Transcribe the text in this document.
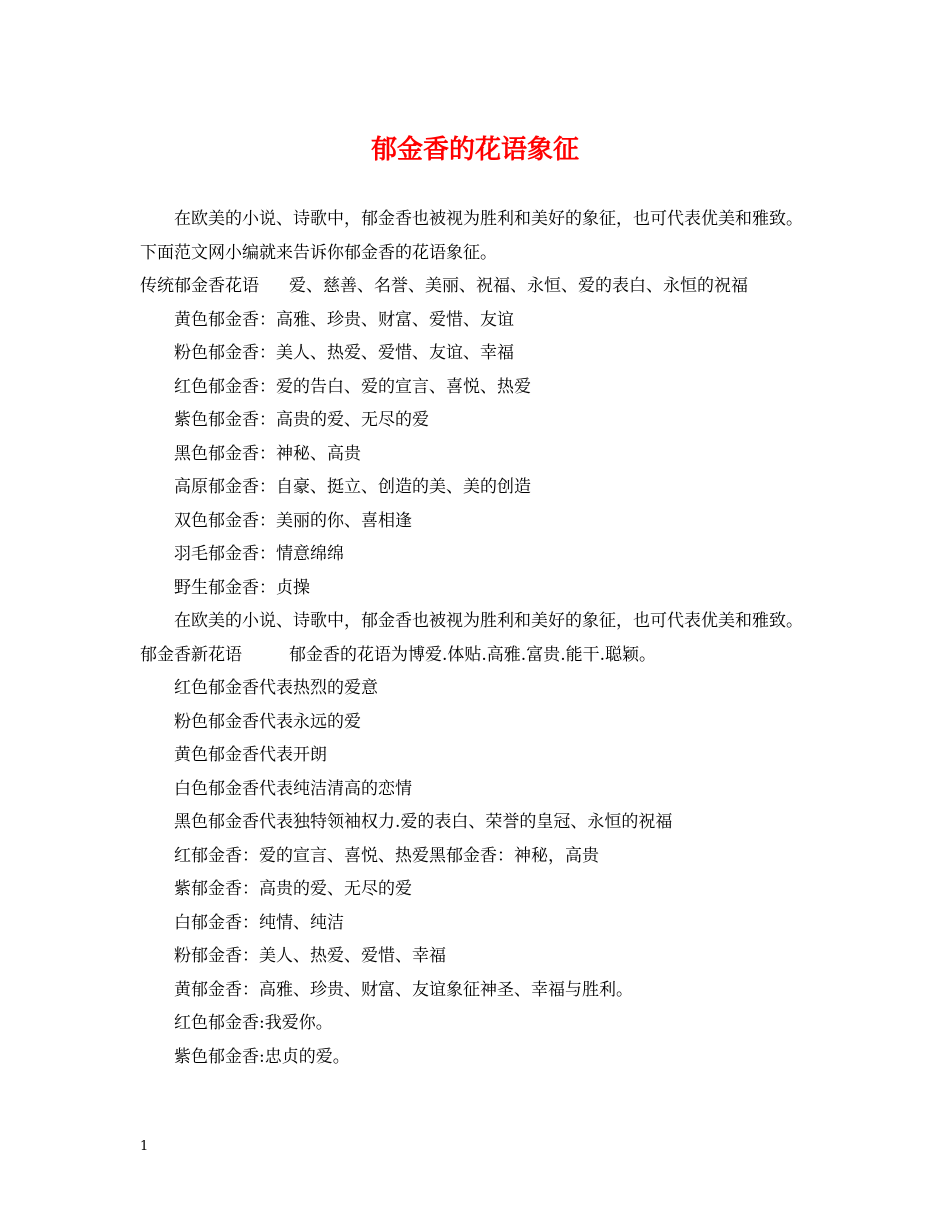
郁金香的花语象征

在欧美的小说、诗歌中，郁金香也被视为胜利和美好的象征，也可代表优美和雅致。下面范文网小编就来告诉你郁金香的花语象征。

传统郁金香花语 爱、慈善、名誉、美丽、祝福、永恒、爱的表白、永恒的祝福

黄色郁金香：高雅、珍贵、财富、爱惜、友谊

粉色郁金香：美人、热爱、爱惜、友谊、幸福

红色郁金香：爱的告白、爱的宣言、喜悦、热爱

紫色郁金香：高贵的爱、无尽的爱

黑色郁金香：神秘、高贵

高原郁金香：自豪、挺立、创造的美、美的创造

双色郁金香：美丽的你、喜相逢

羽毛郁金香：情意绵绵

野生郁金香：贞操

在欧美的小说、诗歌中，郁金香也被视为胜利和美好的象征，也可代表优美和雅致。

郁金香新花语	郁金香的花语为博爱.体贴.高雅.富贵.能干.聪颖。

红色郁金香代表热烈的爱意

粉色郁金香代表永远的爱

黄色郁金香代表开朗

白色郁金香代表纯洁清高的恋情

黑色郁金香代表独特领袖权力.爱的表白、荣誉的皇冠、永恒的祝福

红郁金香：爱的宣言、喜悦、热爱黑郁金香：神秘，高贵

紫郁金香：高贵的爱、无尽的爱

白郁金香：纯情、纯洁

粉郁金香：美人、热爱、爱惜、幸福

黄郁金香：高雅、珍贵、财富、友谊象征神圣、幸福与胜利。

红色郁金香:我爱你。

紫色郁金香:忠贞的爱。

1
